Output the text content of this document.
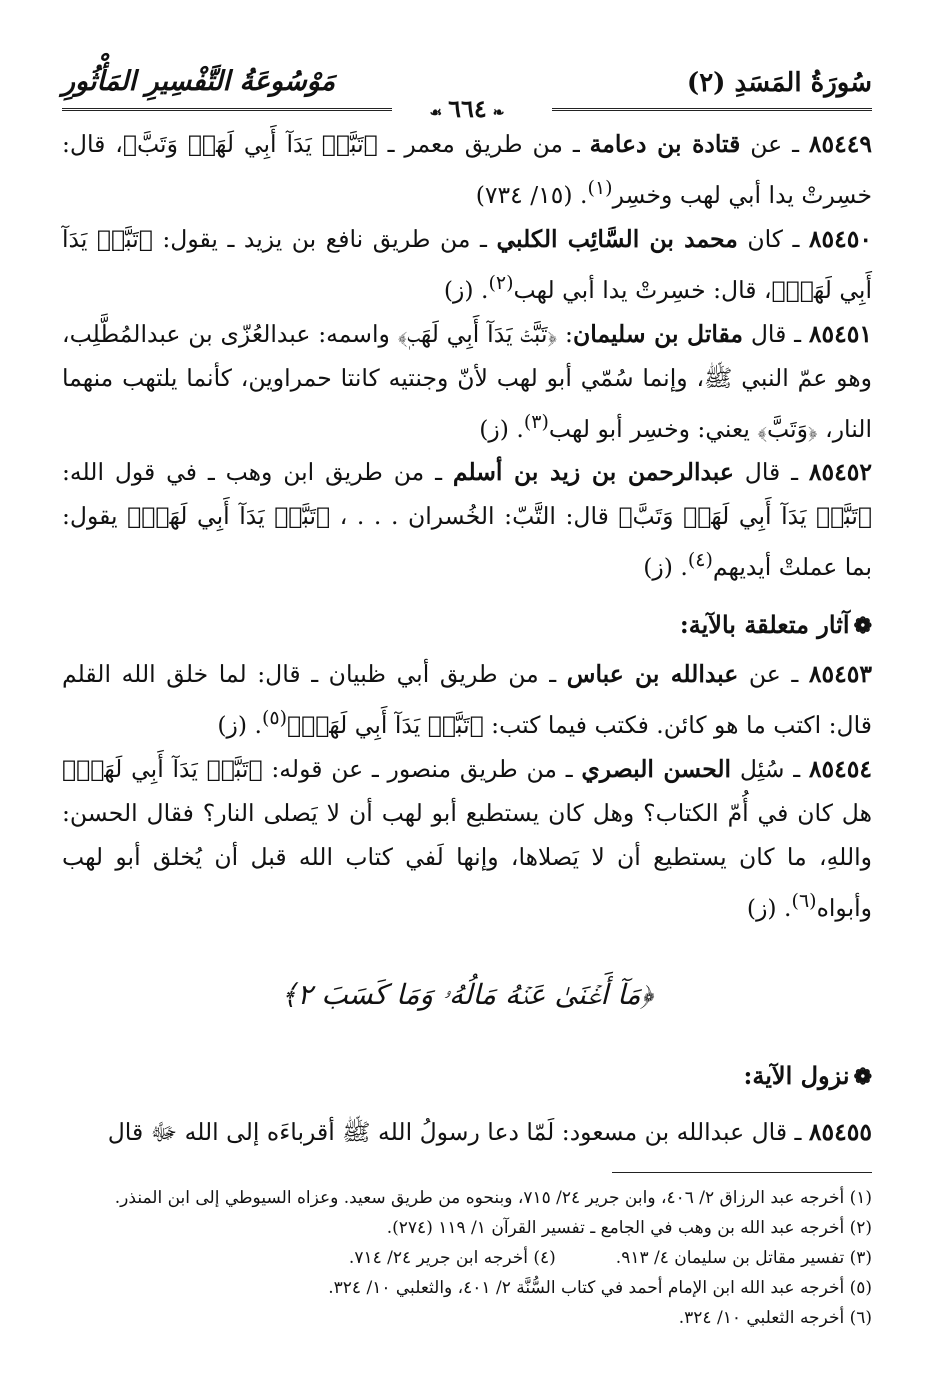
سُورَةُ المَسَدِ (٢)
مَوْسُوعَةُ التَّفْسِيرِ المَأْثُورِ
❧٦٦٤☙

٨٥٤٤٩ ـ عن قتادة بن دعامة ـ من طريق معمر ـ ﴿تَبَّتۡ يَدَآ أَبِي لَهَبٖ وَتَبَّ﴾، قال: خسِرتْ يدا أبي لهب وخسِر$^{(١)}$. (١٥/ ٧٣٤)

٨٥٤٥٠ ـ كان محمد بن السَّائِب الكلبي ـ من طريق نافع بن يزيد ـ يقول: ﴿تَبَّتۡ يَدَآ أَبِي لَهَبٖ﴾، قال: خسِرتْ يدا أبي لهب$^{(٢)}$. (ز)

٨٥٤٥١ ـ قال مقاتل بن سليمان: ﴿تَبَّتۡ يَدَآ أَبِي لَهَبٖ﴾ واسمه: عبدالعُزّى بن عبدالمُطَّلِب، وهو عمّ النبي ﷺ، وإنما سُمّي أبو لهب لأنّ وجنتيه كانتا حمراوين، كأنما يلتهب منهما النار، ﴿وَتَبَّ﴾ يعني: وخسِر أبو لهب$^{(٣)}$. (ز)

٨٥٤٥٢ ـ قال عبدالرحمن بن زيد بن أسلم ـ من طريق ابن وهب ـ في قول الله: ﴿تَبَّتۡ يَدَآ أَبِي لَهَبٖ وَتَبَّ﴾ قال: التَّبّ: الخُسران . . . ، ﴿تَبَّتۡ يَدَآ أَبِي لَهَبٖ﴾ يقول: بما عملتْ أيديهم$^{(٤)}$. (ز)

❁آثار متعلقة بالآية:

٨٥٤٥٣ ـ عن عبدالله بن عباس ـ من طريق أبي ظبيان ـ قال: لما خلق الله القلم قال: اكتب ما هو كائن. فكتب فيما كتب: ﴿تَبَّتۡ يَدَآ أَبِي لَهَبٖ﴾$^{(٥)}$. (ز)

٨٥٤٥٤ ـ سُئِل الحسن البصري ـ من طريق منصور ـ عن قوله: ﴿تَبَّتۡ يَدَآ أَبِي لَهَبٖ﴾ هل كان في أُمّ الكتاب؟ وهل كان يستطيع أبو لهب أن لا يَصلى النار؟ فقال الحسن: واللهِ، ما كان يستطيع أن لا يَصلاها، وإنها لَفي كتاب الله قبل أن يُخلق أبو لهب وأبواه$^{(٦)}$. (ز)

﴿مَآ أَغۡنَىٰ عَنۡهُ مَالُهُۥ وَمَا كَسَبَ ٢﴾
❁نزول الآية:

٨٥٤٥٥ ـ قال عبدالله بن مسعود: لَمّا دعا رسولُ الله ﷺ أقرباءَه إلى الله ﷻ قال

(١) أخرجه عبد الرزاق ٢/ ٤٠٦، وابن جرير ٢٤/ ٧١٥، وبنحوه من طريق سعيد. وعزاه السيوطي إلى ابن المنذر.

(٢) أخرجه عبد الله بن وهب في الجامع ـ تفسير القرآن ١/ ١١٩ (٢٧٤).

(٣) تفسير مقاتل بن سليمان ٤/ ٩١٣.
(٤) أخرجه ابن جرير ٢٤/ ٧١٤.

(٥) أخرجه عبد الله ابن الإمام أحمد في كتاب السُّنَّة ٢/ ٤٠١، والثعلبي ١٠/ ٣٢٤.

(٦) أخرجه الثعلبي ١٠/ ٣٢٤.
